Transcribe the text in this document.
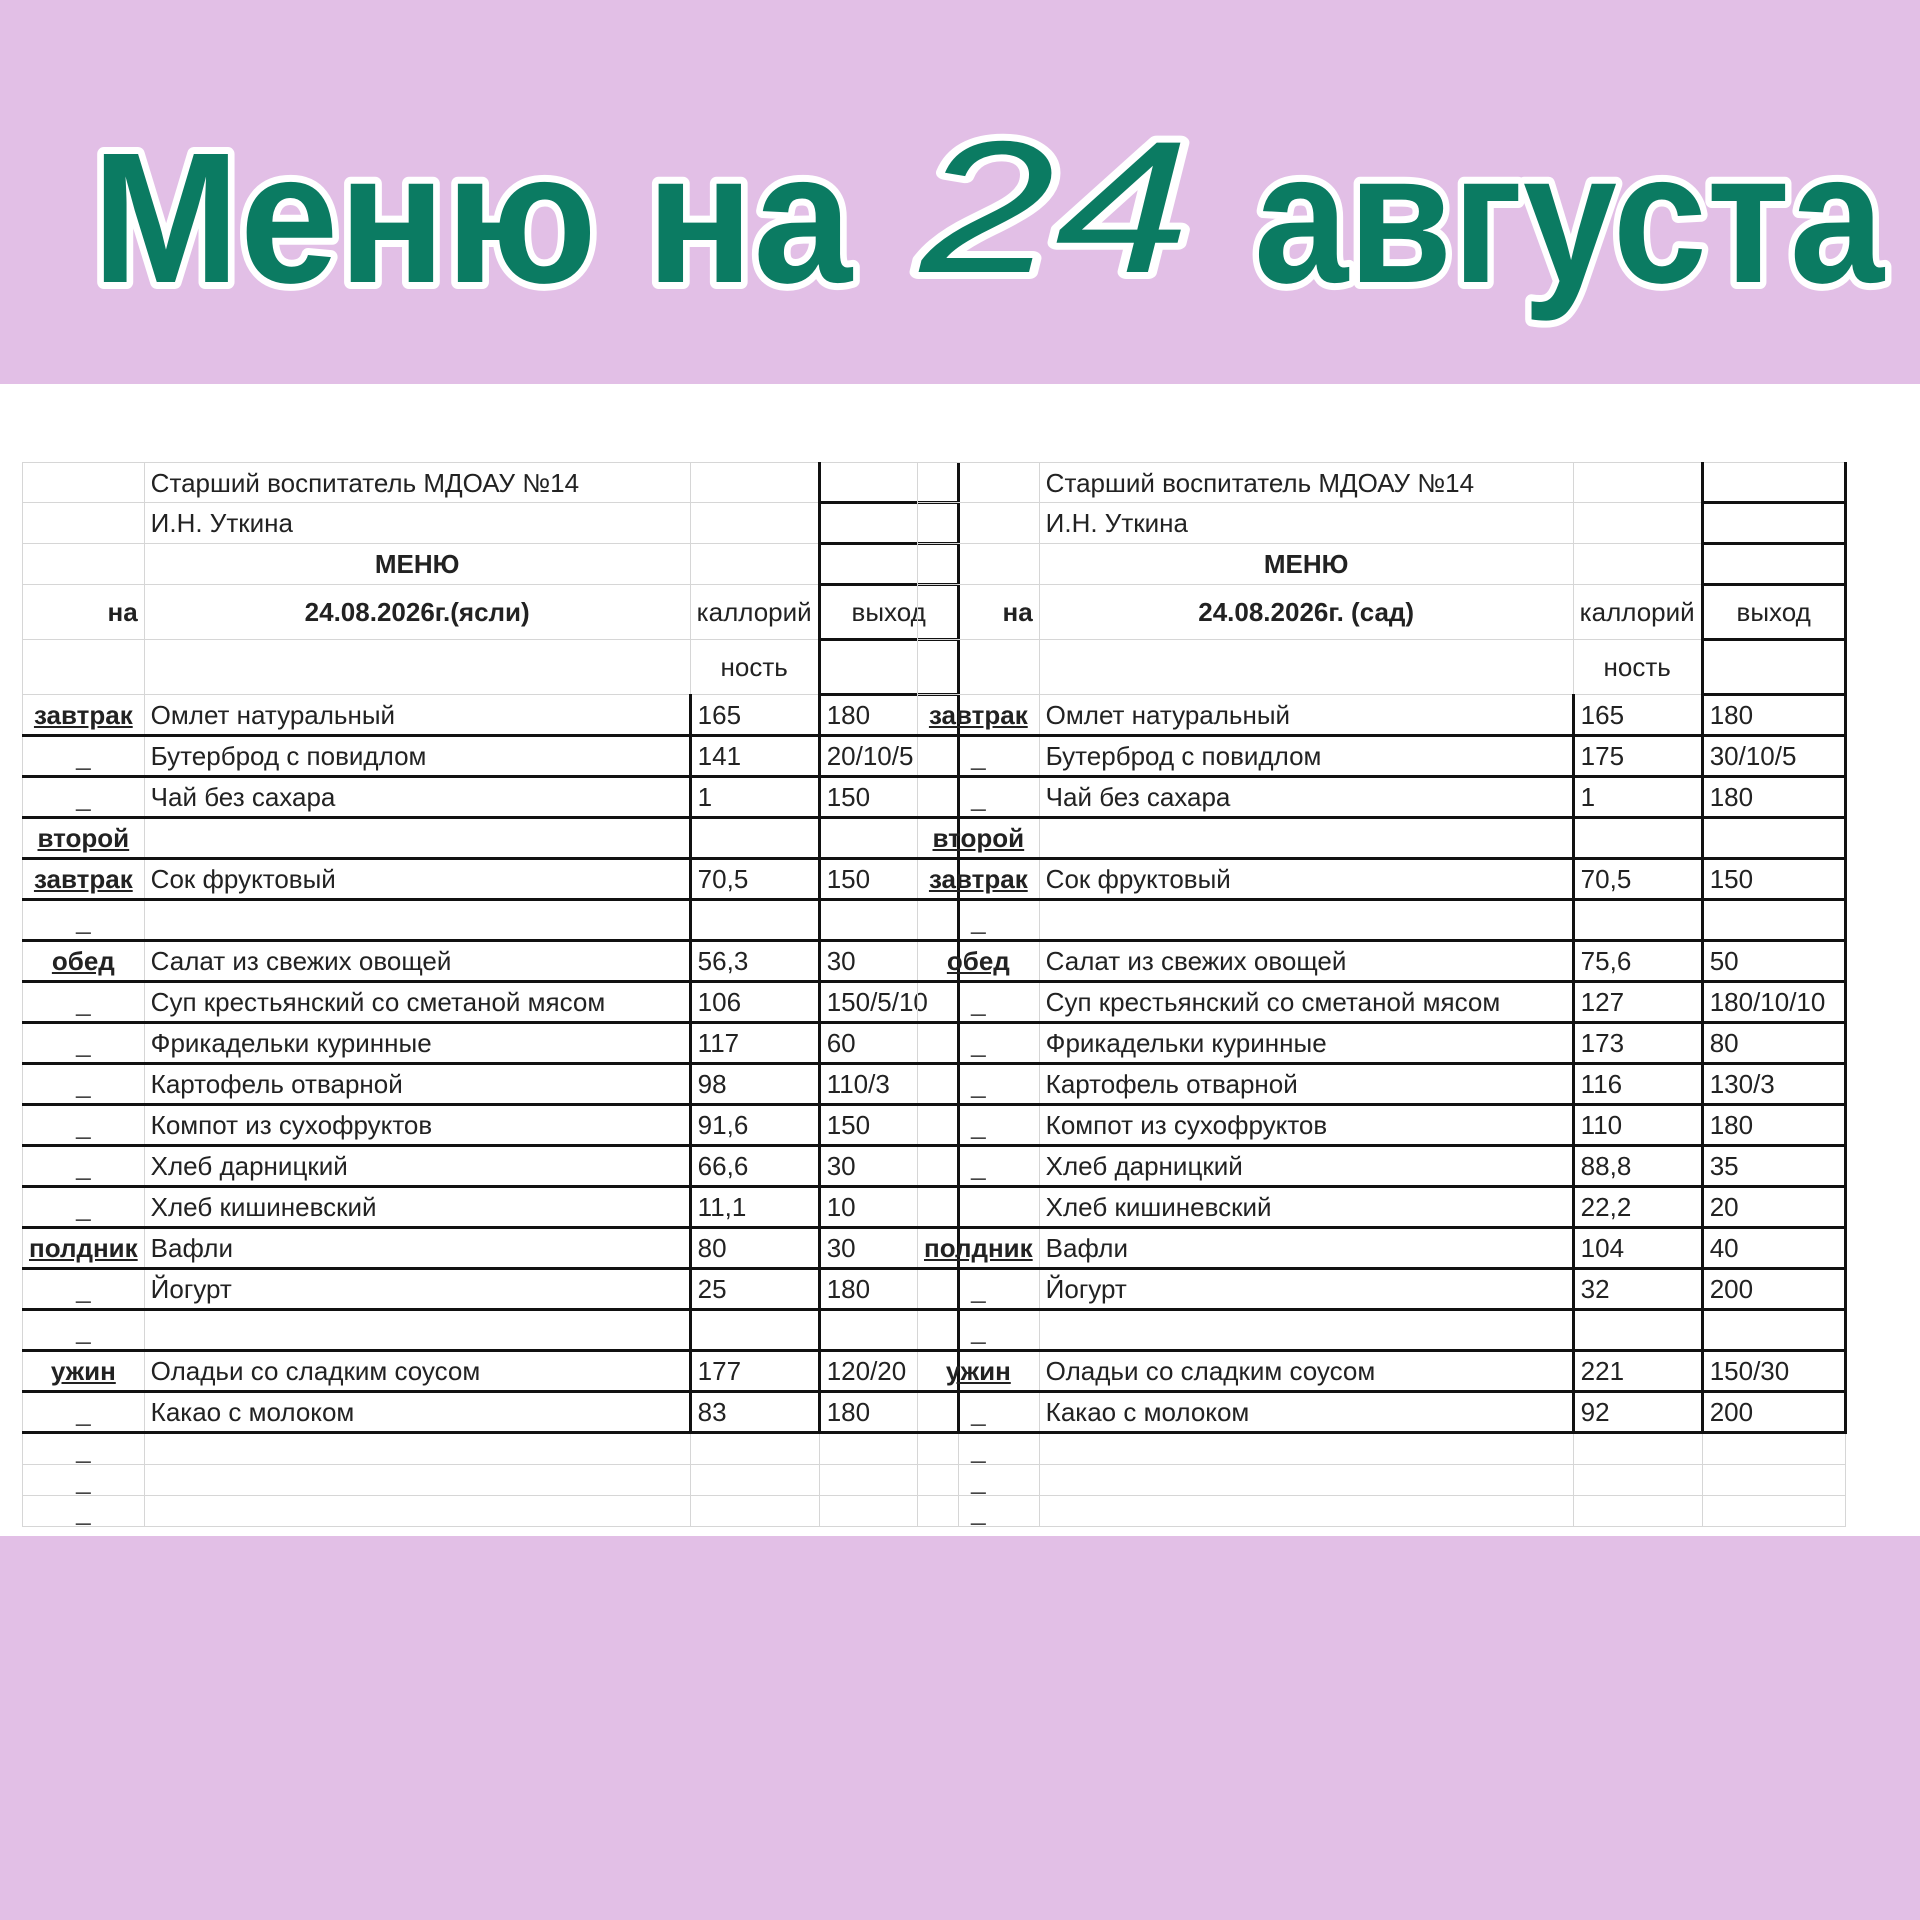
Меню на 24 августа
	Старший воспитатель МДОАУ №14		
	И.Н. Уткина		
	МЕНЮ		
на	24.08.2026г.(ясли)	каллорий	выход
		ность	
завтрак	Омлет натуральный	165	180
_	Бутерброд с повидлом	141	20/10/5
_	Чай без сахара	1	150
второй			
завтрак	Сок фруктовый	70,5	150
_			
обед	Салат из свежих овощей	56,3	30
_	Суп крестьянский со сметаной мясом	106	150/5/10
_	Фрикадельки куринные	117	60
_	Картофель отварной	98	110/3
_	Компот из сухофруктов	91,6	150
_	Хлеб дарницкий	66,6	30
_	Хлеб кишиневский	11,1	10
полдник	Вафли	80	30
_	Йогурт	25	180
_			
ужин	Оладьи со сладким соусом	177	120/20
_	Какао с молоком	83	180
_			
_			
_			
	Старший воспитатель МДОАУ №14		
	И.Н. Уткина		
	МЕНЮ		
на	24.08.2026г. (сад)	каллорий	выход
		ность	
завтрак	Омлет натуральный	165	180
_	Бутерброд с повидлом	175	30/10/5
_	Чай без сахара	1	180
второй			
завтрак	Сок фруктовый	70,5	150
_			
обед	Салат из свежих овощей	75,6	50
_	Суп крестьянский со сметаной мясом	127	180/10/10
_	Фрикадельки куринные	173	80
_	Картофель отварной	116	130/3
_	Компот из сухофруктов	110	180
_	Хлеб дарницкий	88,8	35
	Хлеб кишиневский	22,2	20
полдник	Вафли	104	40
_	Йогурт	32	200
_			
ужин	Оладьи со сладким соусом	221	150/30
_	Какао с молоком	92	200
_			
_			
_			
